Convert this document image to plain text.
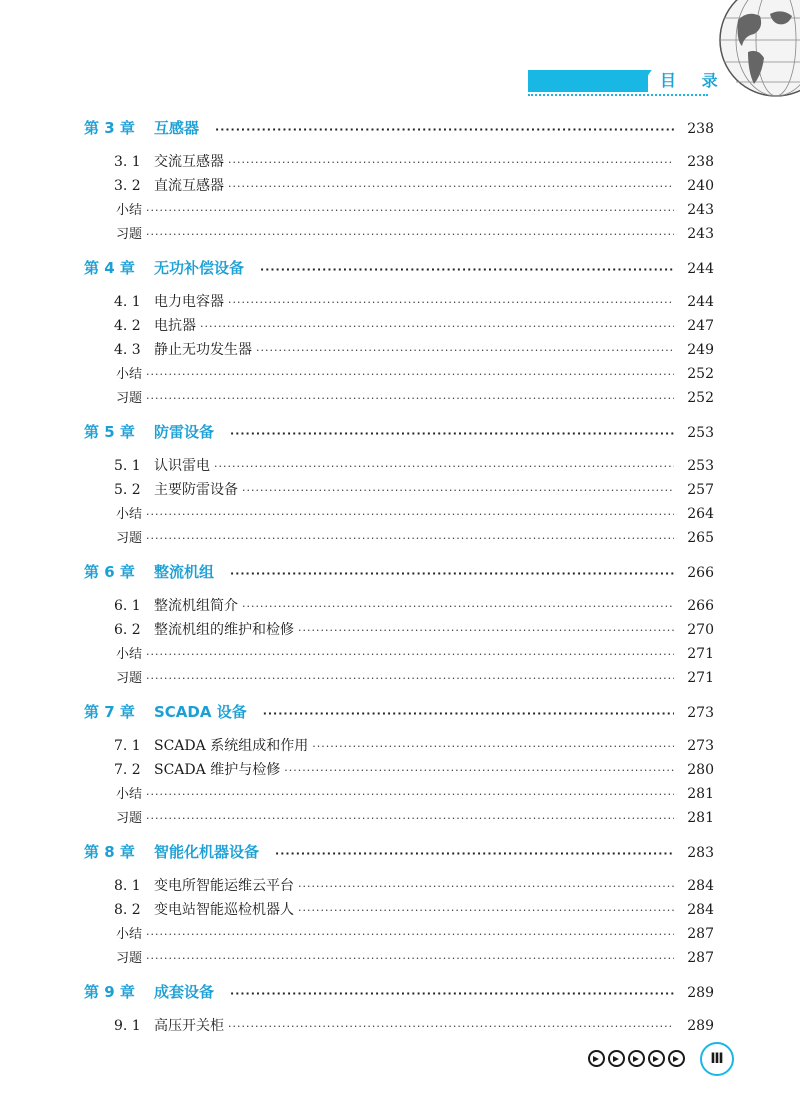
目 录
第 3 章	互感器 ·····	238
3. 1 交流互感器 ·····	238
3. 2 直流互感器 ·····	240
小结 ·····	243
习题 ·····	243
第 4 章	无功补偿设备 ·····	244
4. 1 电力电容器 ·····	244
4. 2 电抗器 ·····	247
4. 3 静止无功发生器 ·····	249
小结 ·····	252
习题 ·····	252
第 5 章	防雷设备 ·····	253
5. 1 认识雷电 ·····	253
5. 2 主要防雷设备 ·····	257
小结 ·····	264
习题 ·····	265
第 6 章	整流机组 ·····	266
6. 1 整流机组简介 ·····	266
6. 2 整流机组的维护和检修 ·····	270
小结 ·····	271
习题 ·····	271
第 7 章	SCADA 设备 ·····	273
7. 1 SCADA 系统组成和作用 ·····	273
7. 2 SCADA 维护与检修 ·····	280
小结 ·····	281
习题 ·····	281
第 8 章	智能化机器设备 ·····	283
8. 1 变电所智能运维云平台 ·····	284
8. 2 变电站智能巡检机器人 ·····	284
小结 ·····	287
习题 ·····	287
第 9 章	成套设备 ·····	289
9. 1 高压开关柜 ·····	289
Ⅲ
